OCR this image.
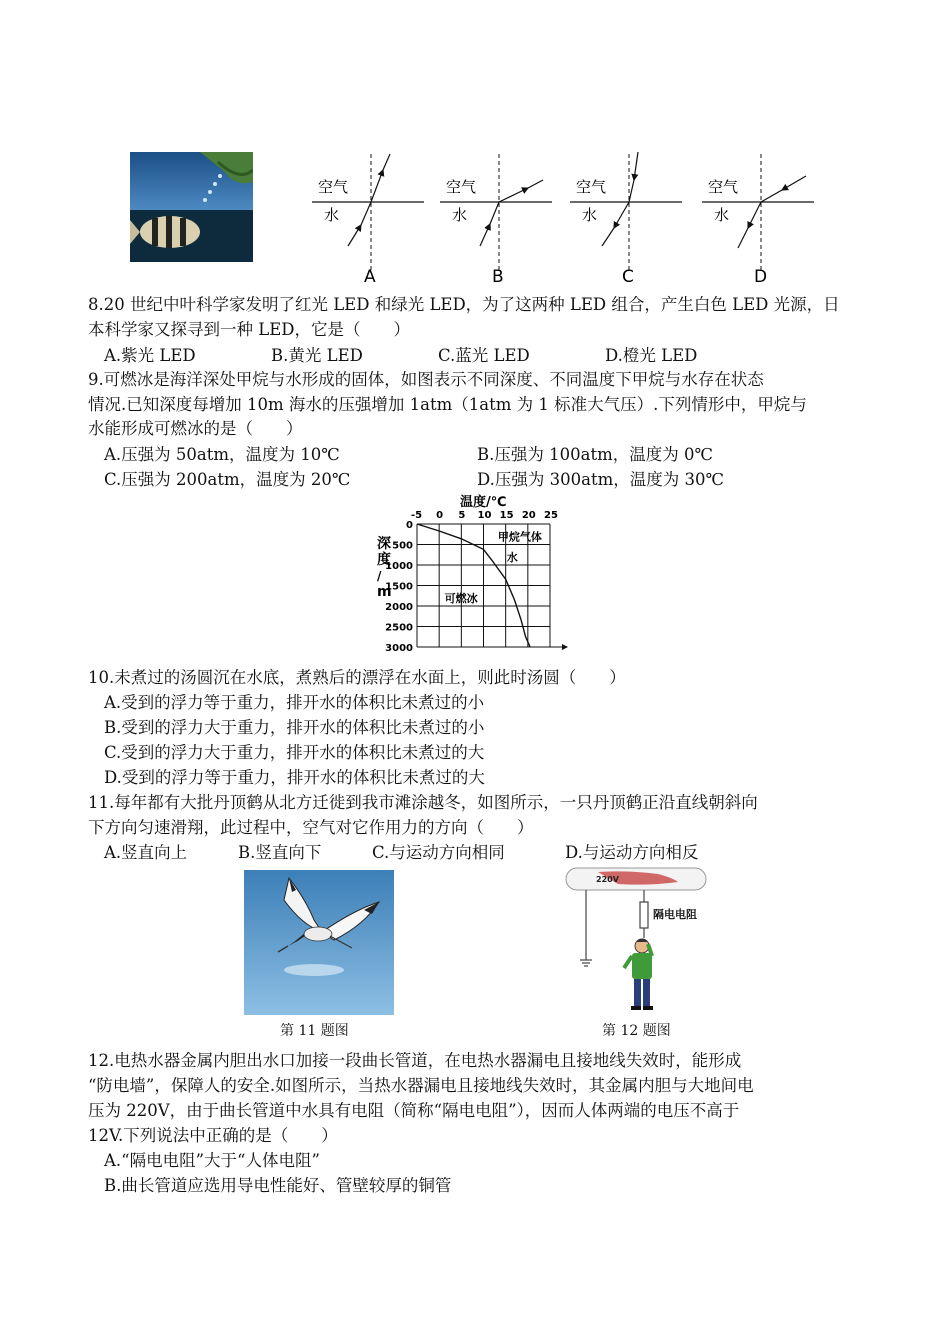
空气
水
A
空气
水
B
空气
水
C
空气
水
D
8.20 世纪中叶科学家发明了红光 LED 和绿光 LED，为了这两种 LED 组合，产生白色 LED 光源，日
本科学家又探寻到一种 LED，它是（　　）
A.紫光 LED	B.黄光 LED	C.蓝光 LED	D.橙光 LED
9.可燃冰是海洋深处甲烷与水形成的固体，如图表示不同深度、不同温度下甲烷与水存在状态
情况.已知深度每增加 10m 海水的压强增加 1atm（1atm 为 1 标准大气压）.下列情形中，甲烷与
水能形成可燃冰的是（　　）
A.压强为 50atm，温度为 10℃	B.压强为 100atm，温度为 0℃
C.压强为 200atm，温度为 20℃	D.压强为 300atm，温度为 30℃
温度/℃
深
度
/
m
-5 0 5 10 15 20 25
0
500
1000
1500
2000
2500
3000
甲烷气体
水
可燃冰
10.未煮过的汤圆沉在水底，煮熟后的漂浮在水面上，则此时汤圆（　　）
A.受到的浮力等于重力，排开水的体积比未煮过的小
B.受到的浮力大于重力，排开水的体积比未煮过的小
C.受到的浮力大于重力，排开水的体积比未煮过的大
D.受到的浮力等于重力，排开水的体积比未煮过的大
11.每年都有大批丹顶鹤从北方迁徙到我市滩涂越冬，如图所示，一只丹顶鹤正沿直线朝斜向
下方向匀速滑翔，此过程中，空气对它作用力的方向（　　）
A.竖直向上	B.竖直向下	C.与运动方向相同	D.与运动方向相反
220V
隔电电阻
第 11 题图	第 12 题图
12.电热水器金属内胆出水口加接一段曲长管道，在电热水器漏电且接地线失效时，能形成
“防电墙”，保障人的安全.如图所示，当热水器漏电且接地线失效时，其金属内胆与大地间电
压为 220V，由于曲长管道中水具有电阻（简称“隔电电阻”），因而人体两端的电压不高于
12V.下列说法中正确的是（　　）
A.“隔电电阻”大于“人体电阻”
B.曲长管道应选用导电性能好、管壁较厚的铜管
